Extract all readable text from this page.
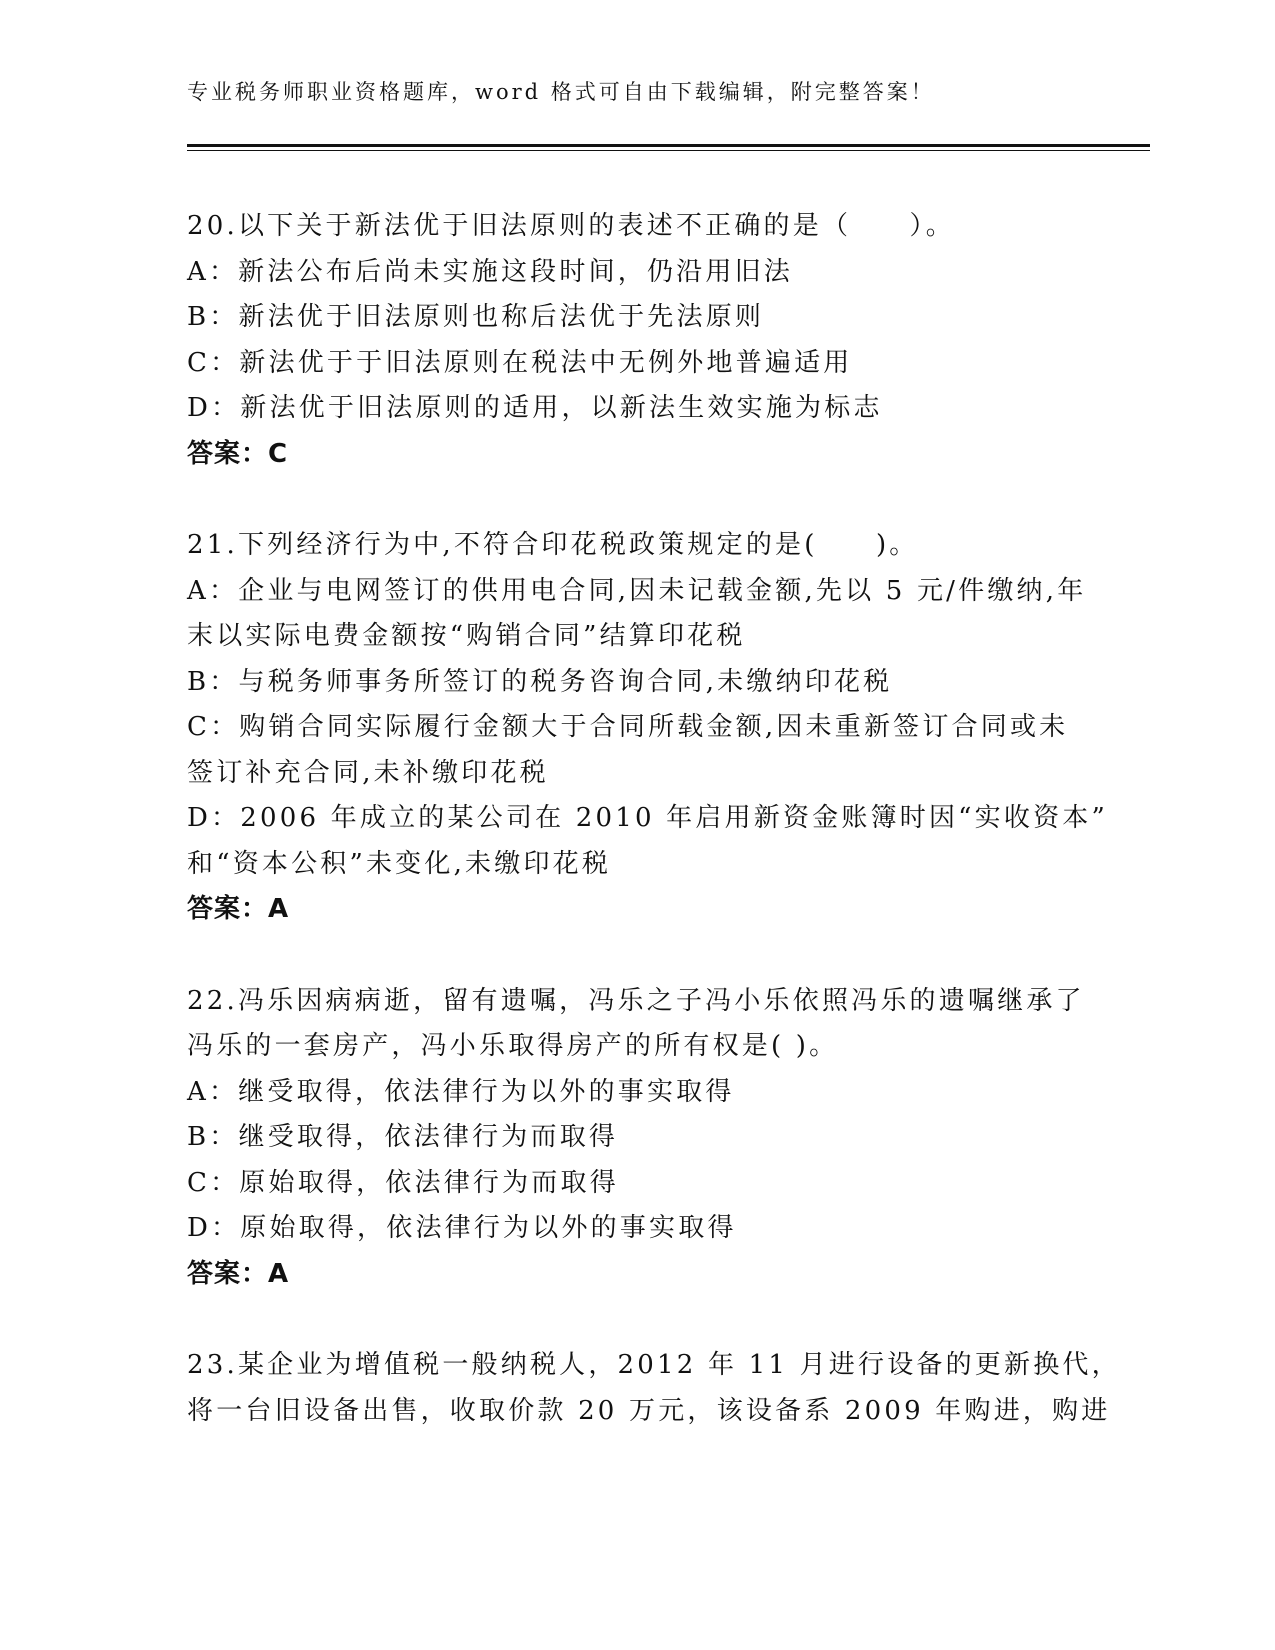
专业税务师职业资格题库，word 格式可自由下载编辑，附完整答案！
20.以下关于新法优于旧法原则的表述不正确的是（　　）。
A：新法公布后尚未实施这段时间，仍沿用旧法
B：新法优于旧法原则也称后法优于先法原则
C：新法优于于旧法原则在税法中无例外地普遍适用
D：新法优于旧法原则的适用，以新法生效实施为标志
答案：C
21.下列经济行为中,不符合印花税政策规定的是(　　)。
A：企业与电网签订的供用电合同,因未记载金额,先以 5 元/件缴纳,年
末以实际电费金额按“购销合同”结算印花税
B：与税务师事务所签订的税务咨询合同,未缴纳印花税
C：购销合同实际履行金额大于合同所载金额,因未重新签订合同或未
签订补充合同,未补缴印花税
D：2006 年成立的某公司在 2010 年启用新资金账簿时因“实收资本”
和“资本公积”未变化,未缴印花税
答案：A
22.冯乐因病病逝，留有遗嘱，冯乐之子冯小乐依照冯乐的遗嘱继承了
冯乐的一套房产，冯小乐取得房产的所有权是( )。
A：继受取得，依法律行为以外的事实取得
B：继受取得，依法律行为而取得
C：原始取得，依法律行为而取得
D：原始取得，依法律行为以外的事实取得
答案：A
23.某企业为增值税一般纳税人，2012 年 11 月进行设备的更新换代，
将一台旧设备出售，收取价款 20 万元，该设备系 2009 年购进，购进
